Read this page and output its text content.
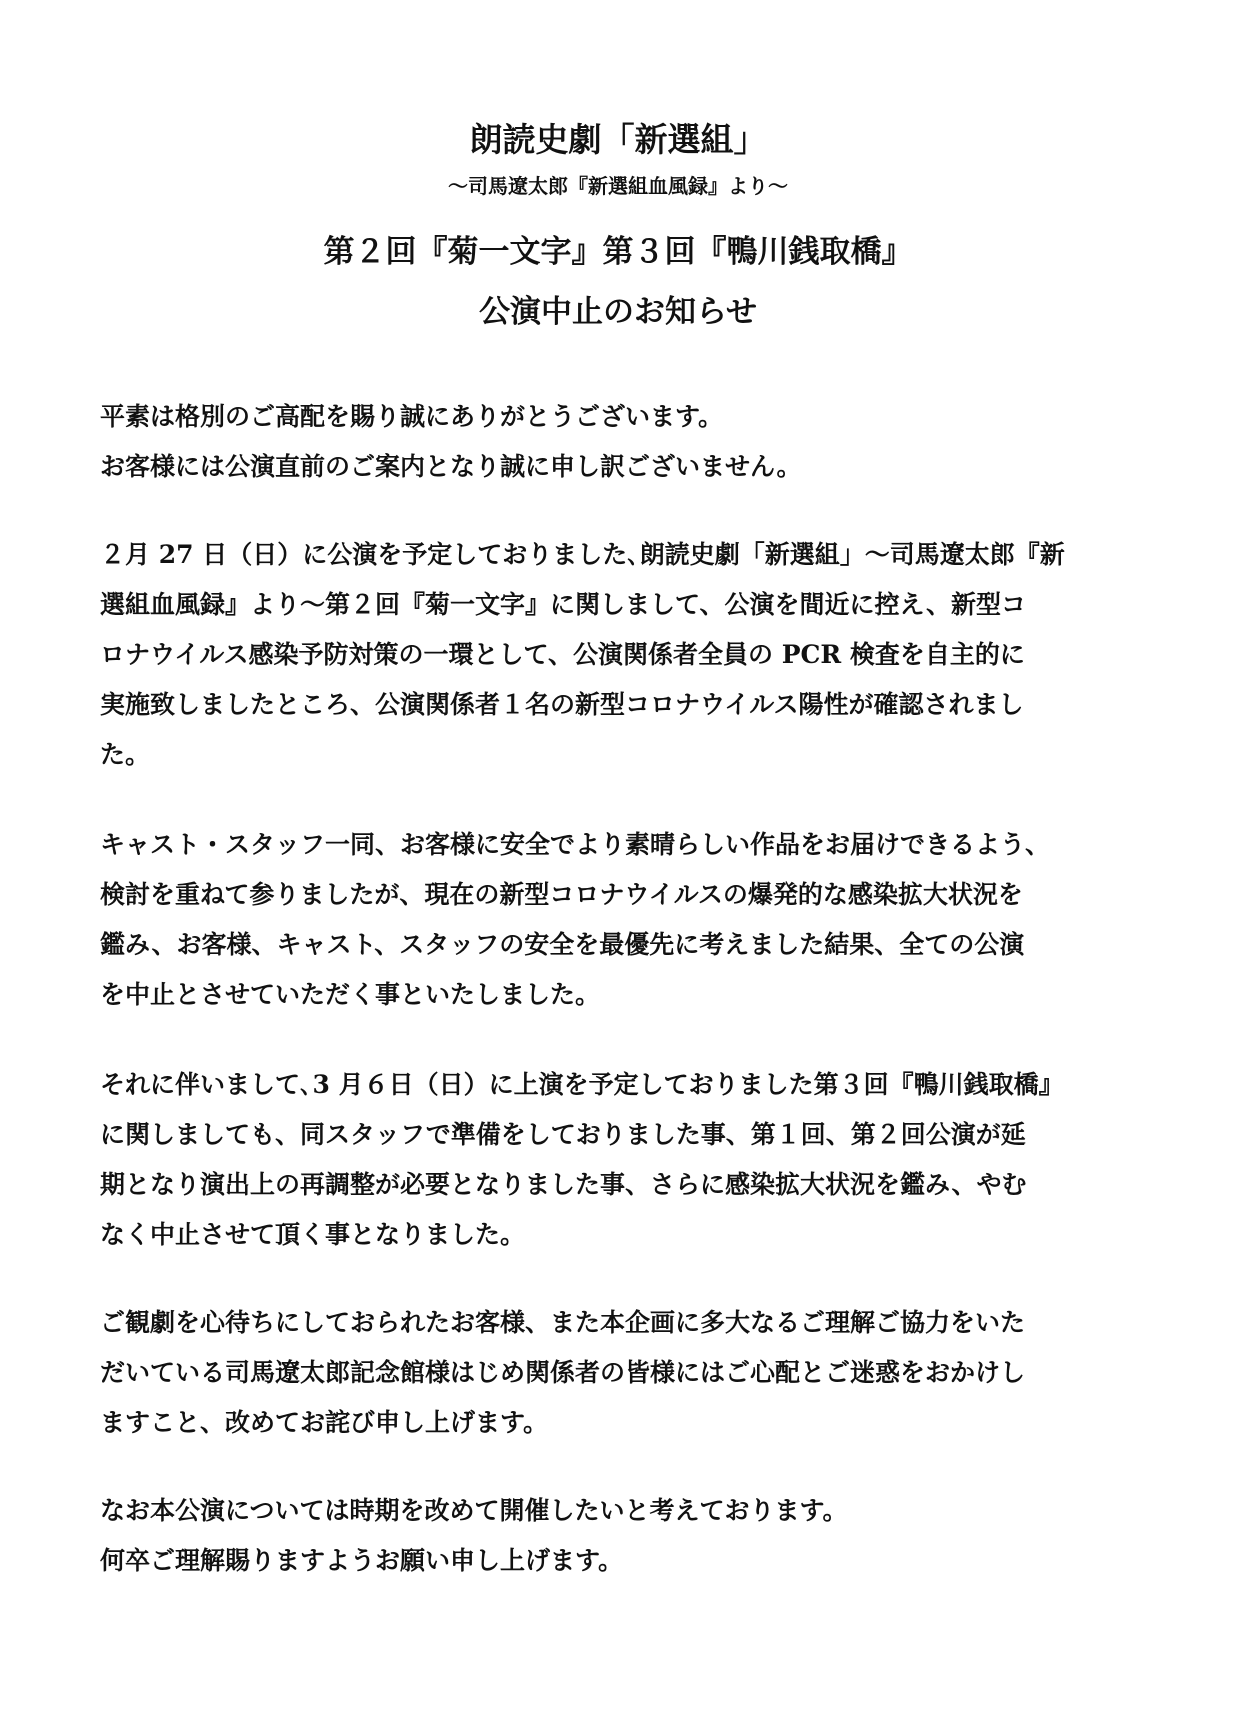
朗読史劇「新選組」
〜司馬遼太郎『新選組血風録』より〜
第２回『菊一文字』第３回『鴨川銭取橋』
公演中止のお知らせ
平素は格別のご高配を賜り誠にありがとうございます。
お客様には公演直前のご案内となり誠に申し訳ございません。
２月 27 日（日）に公演を予定しておりました､朗読史劇「新選組」〜司馬遼太郎『新
選組血風録』より〜第２回『菊一文字』に関しまして、公演を間近に控え、新型コ
ロナウイルス感染予防対策の一環として、公演関係者全員の PCR 検査を自主的に
実施致しましたところ、公演関係者１名の新型コロナウイルス陽性が確認されまし
た。
キャスト・スタッフ一同、お客様に安全でより素晴らしい作品をお届けできるよう、
検討を重ねて参りましたが、現在の新型コロナウイルスの爆発的な感染拡大状況を
鑑み、お客様、キャスト、スタッフの安全を最優先に考えました結果、全ての公演
を中止とさせていただく事といたしました。
それに伴いまして､3 月６日（日）に上演を予定しておりました第３回『鴨川銭取橋』
に関しましても、同スタッフで準備をしておりました事、第１回、第２回公演が延
期となり演出上の再調整が必要となりました事、さらに感染拡大状況を鑑み、やむ
なく中止させて頂く事となりました。
ご観劇を心待ちにしておられたお客様、また本企画に多大なるご理解ご協力をいた
だいている司馬遼太郎記念館様はじめ関係者の皆様にはご心配とご迷惑をおかけし
ますこと、改めてお詫び申し上げます。
なお本公演については時期を改めて開催したいと考えております。
何卒ご理解賜りますようお願い申し上げます。
